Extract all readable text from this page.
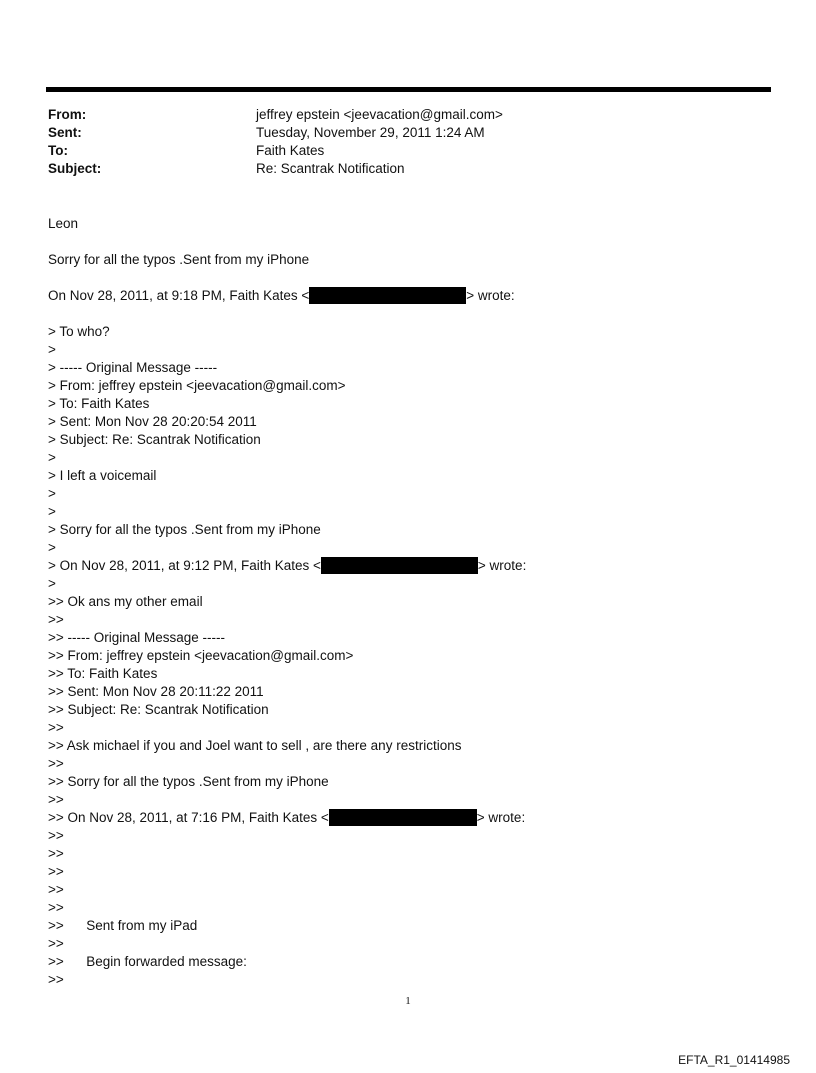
From:	jeffrey epstein <jeevacation@gmail.com>
Sent:	Tuesday, November 29, 2011 1:24 AM
To:	Faith Kates
Subject:	Re: Scantrak Notification
Leon
Sorry for all the typos .Sent from my iPhone
On Nov 28, 2011, at 9:18 PM, Faith Kates <	> wrote:
> To who?
>
> ----- Original Message -----
> From: jeffrey epstein <jeevacation@gmail.com>
> To: Faith Kates
> Sent: Mon Nov 28 20:20:54 2011
> Subject: Re: Scantrak Notification
>
> I left a voicemail
>
>
> Sorry for all the typos .Sent from my iPhone
>
> On Nov 28, 2011, at 9:12 PM, Faith Kates <	> wrote:
>
>> Ok ans my other email
>>
>> ----- Original Message -----
>> From: jeffrey epstein <jeevacation@gmail.com>
>> To: Faith Kates
>> Sent: Mon Nov 28 20:11:22 2011
>> Subject: Re: Scantrak Notification
>>
>> Ask michael if you and Joel want to sell , are there any restrictions
>>
>> Sorry for all the typos .Sent from my iPhone
>>
>> On Nov 28, 2011, at 7:16 PM, Faith Kates <	> wrote:
>>
>>
>>
>>
>>
>>      Sent from my iPad
>>
>>      Begin forwarded message:
>>
1
EFTA_R1_01414985
